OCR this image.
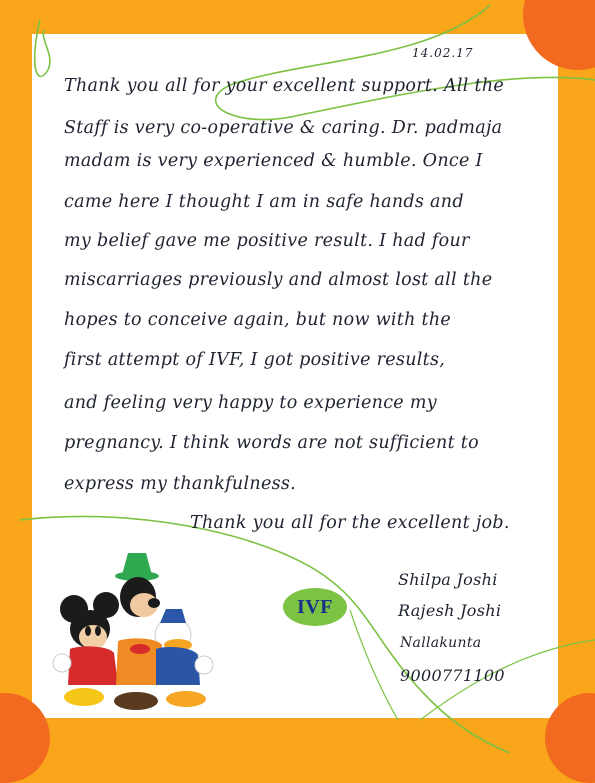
14.02.17
Thank you all for your excellent support. All the
Staff is very co-operative & caring. Dr. padmaja
madam is very experienced & humble. Once I
came here I thought I am in safe hands and
my belief gave me positive result. I had four
miscarriages previously and almost lost all the
hopes to conceive again, but now with the
first attempt of IVF, I got positive results,
and feeling very happy to experience my
pregnancy. I think words are not sufficient to
express my thankfulness.
Thank you all for the excellent job.
Shilpa Joshi
Rajesh Joshi
Nallakunta
9000771100
IVF
